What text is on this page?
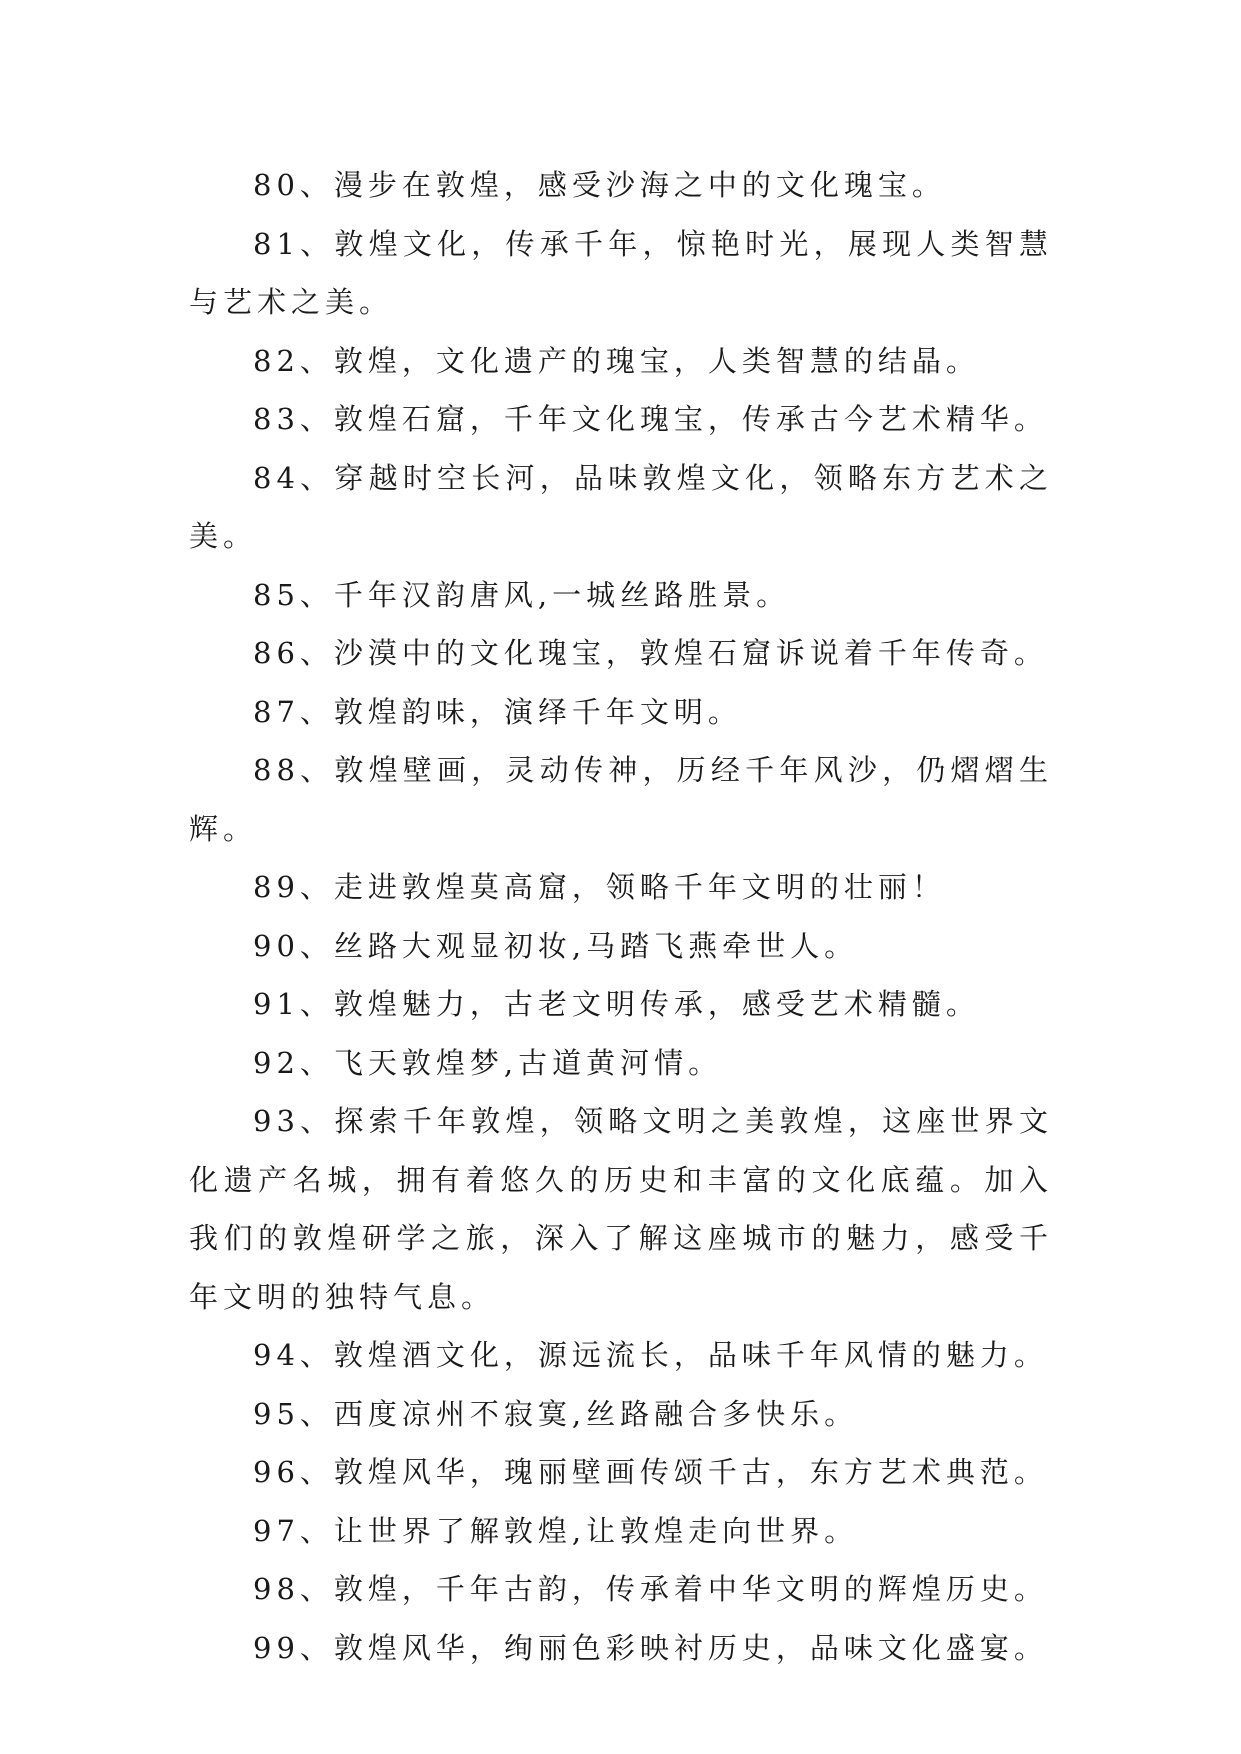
80、漫步在敦煌，感受沙海之中的文化瑰宝。

81、敦煌文化，传承千年，惊艳时光，展现人类智慧与艺术之美。

82、敦煌，文化遗产的瑰宝，人类智慧的结晶。

83、敦煌石窟，千年文化瑰宝，传承古今艺术精华。

84、穿越时空长河，品味敦煌文化，领略东方艺术之美。

85、千年汉韵唐风,一城丝路胜景。

86、沙漠中的文化瑰宝，敦煌石窟诉说着千年传奇。

87、敦煌韵味，演绎千年文明。

88、敦煌壁画，灵动传神，历经千年风沙，仍熠熠生辉。

89、走进敦煌莫高窟，领略千年文明的壮丽！

90、丝路大观显初妆,马踏飞燕牵世人。

91、敦煌魅力，古老文明传承，感受艺术精髓。

92、飞天敦煌梦,古道黄河情。

93、探索千年敦煌，领略文明之美敦煌，这座世界文化遗产名城，拥有着悠久的历史和丰富的文化底蕴。加入我们的敦煌研学之旅，深入了解这座城市的魅力，感受千年文明的独特气息。

94、敦煌酒文化，源远流长，品味千年风情的魅力。

95、西度凉州不寂寞,丝路融合多快乐。

96、敦煌风华，瑰丽壁画传颂千古，东方艺术典范。

97、让世界了解敦煌,让敦煌走向世界。

98、敦煌，千年古韵，传承着中华文明的辉煌历史。

99、敦煌风华，绚丽色彩映衬历史，品味文化盛宴。
